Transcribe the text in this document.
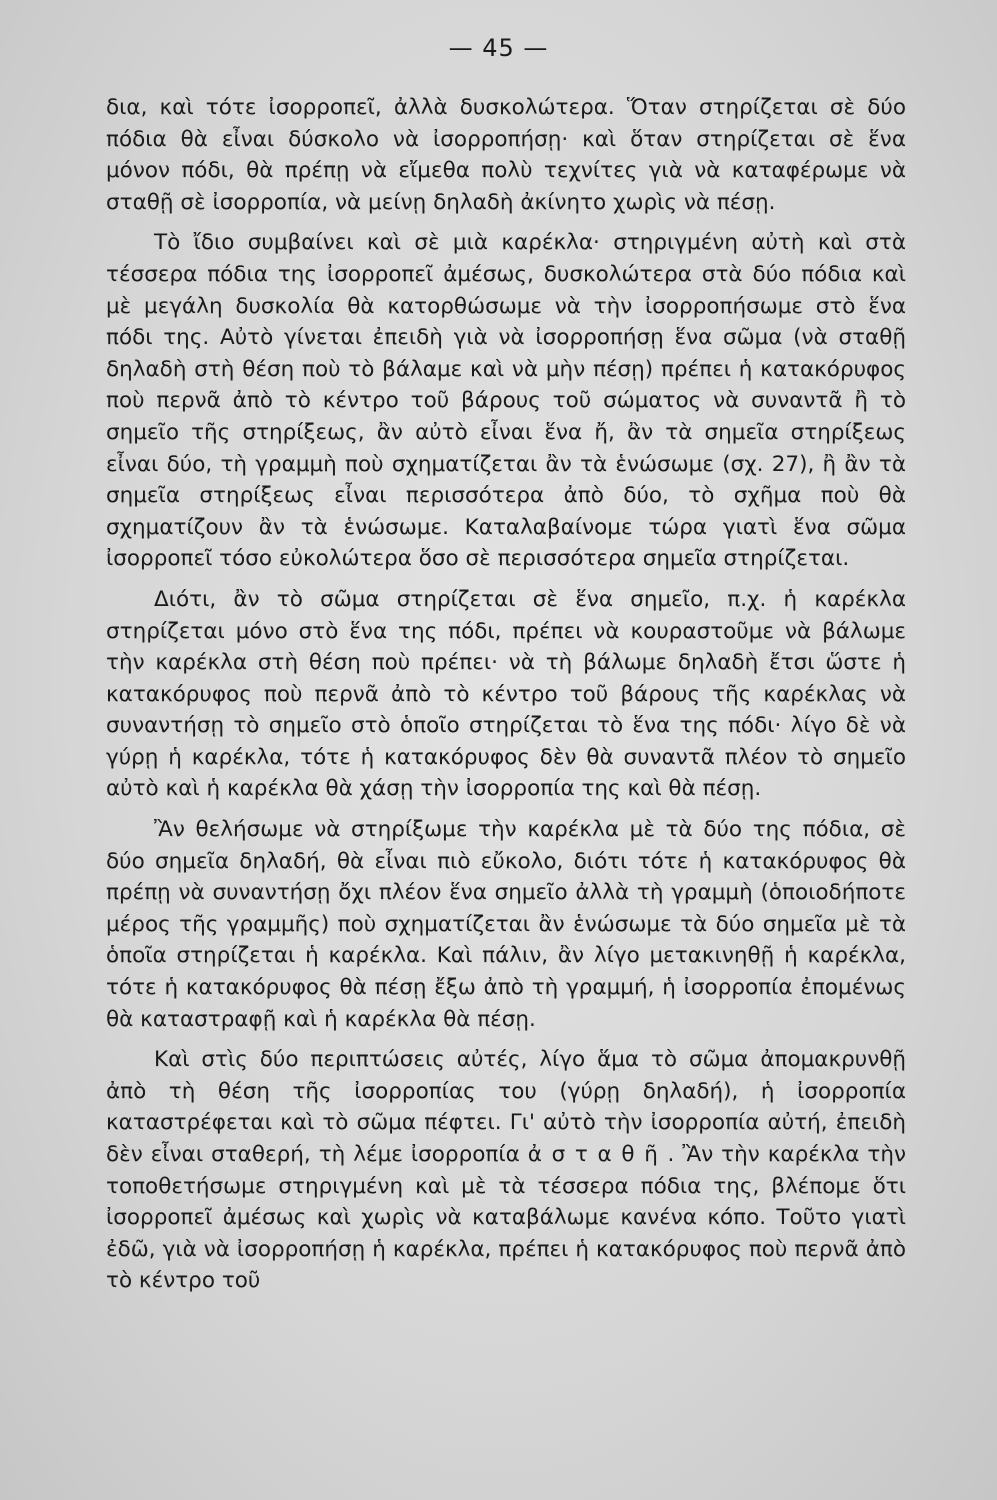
— 45 —

δια, καὶ τότε ἰσορροπεῖ, ἀλλὰ δυσκολώτερα. Ὅταν στηρίζεται σὲ δύο πόδια θὰ εἶναι δύσκολο νὰ ἰσορροπήσῃ· καὶ ὅταν στηρίζεται σὲ ἕνα μόνον πόδι, θὰ πρέπῃ νὰ εἴμεθα πολὺ τεχνίτες γιὰ νὰ καταφέρωμε νὰ σταθῇ σὲ ἰσορροπία, νὰ μείνῃ δηλαδὴ ἀκίνητο χωρὶς νὰ πέσῃ.

Τὸ ἴδιο συμβαίνει καὶ σὲ μιὰ καρέκλα· στηριγμένη αὐτὴ καὶ στὰ τέσσερα πόδια της ἰσορροπεῖ ἀμέσως, δυσκολώτερα στὰ δύο πόδια καὶ μὲ μεγάλη δυσκολία θὰ κατορθώσωμε νὰ τὴν ἰσορροπήσωμε στὸ ἕνα πόδι της. Αὐτὸ γίνεται ἐπειδὴ γιὰ νὰ ἰσορροπήσῃ ἕνα σῶμα (νὰ σταθῇ δηλαδὴ στὴ θέση ποὺ τὸ βάλαμε καὶ νὰ μὴν πέσῃ) πρέπει ἡ κατακόρυφος ποὺ περνᾶ ἀπὸ τὸ κέντρο τοῦ βάρους τοῦ σώματος νὰ συναντᾶ ἢ τὸ σημεῖο τῆς στηρίξεως, ἂν αὐτὸ εἶναι ἕνα ἤ, ἂν τὰ σημεῖα στηρίξεως εἶναι δύο, τὴ γραμμὴ ποὺ σχηματίζεται ἂν τὰ ἑνώσωμε (σχ. 27), ἢ ἂν τὰ σημεῖα στηρίξεως εἶναι περισσότερα ἀπὸ δύο, τὸ σχῆμα ποὺ θὰ σχηματίζουν ἂν τὰ ἑνώσωμε. Καταλαβαίνομε τώρα γιατὶ ἕνα σῶμα ἰσορροπεῖ τόσο εὐκολώτερα ὅσο σὲ περισσότερα σημεῖα στηρίζεται.

Διότι, ἂν τὸ σῶμα στηρίζεται σὲ ἕνα σημεῖο, π.χ. ἡ καρέκλα στηρίζεται μόνο στὸ ἕνα της πόδι, πρέπει νὰ κουραστοῦμε νὰ βάλωμε τὴν καρέκλα στὴ θέση ποὺ πρέπει· νὰ τὴ βάλωμε δηλαδὴ ἔτσι ὥστε ἡ κατακόρυφος ποὺ περνᾶ ἀπὸ τὸ κέντρο τοῦ βάρους τῆς καρέκλας νὰ συναντήσῃ τὸ σημεῖο στὸ ὁποῖο στηρίζεται τὸ ἕνα της πόδι· λίγο δὲ νὰ γύρῃ ἡ καρέκλα, τότε ἡ κατακόρυφος δὲν θὰ συναντᾶ πλέον τὸ σημεῖο αὐτὸ καὶ ἡ καρέκλα θὰ χάσῃ τὴν ἰσορροπία της καὶ θὰ πέσῃ.

Ἂν θελήσωμε νὰ στηρίξωμε τὴν καρέκλα μὲ τὰ δύο της πόδια, σὲ δύο σημεῖα δηλαδή, θὰ εἶναι πιὸ εὔκολο, διότι τότε ἡ κατακόρυφος θὰ πρέπῃ νὰ συναντήσῃ ὄχι πλέον ἕνα σημεῖο ἀλλὰ τὴ γραμμὴ (ὁποιοδήποτε μέρος τῆς γραμμῆς) ποὺ σχηματίζεται ἂν ἑνώσωμε τὰ δύο σημεῖα μὲ τὰ ὁποῖα στηρίζεται ἡ καρέκλα. Καὶ πάλιν, ἂν λίγο μετακινηθῇ ἡ καρέκλα, τότε ἡ κατακόρυφος θὰ πέσῃ ἔξω ἀπὸ τὴ γραμμή, ἡ ἰσορροπία ἐπομένως θὰ καταστραφῇ καὶ ἡ καρέκλα θὰ πέσῃ.

Καὶ στὶς δύο περιπτώσεις αὐτές, λίγο ἅμα τὸ σῶμα ἀπομακρυνθῇ ἀπὸ τὴ θέση τῆς ἰσορροπίας του (γύρῃ δηλαδή), ἡ ἰσορροπία καταστρέφεται καὶ τὸ σῶμα πέφτει. Γι' αὐτὸ τὴν ἰσορροπία αὐτή, ἐπειδὴ δὲν εἶναι σταθερή, τὴ λέμε ἰσορροπία ἀσταθῆ. Ἂν τὴν καρέκλα τὴν τοποθετήσωμε στηριγμένη καὶ μὲ τὰ τέσσερα πόδια της, βλέπομε ὅτι ἰσορροπεῖ ἀμέσως καὶ χωρὶς νὰ καταβάλωμε κανένα κόπο. Τοῦτο γιατὶ ἐδῶ, γιὰ νὰ ἰσορροπήσῃ ἡ καρέκλα, πρέπει ἡ κατακόρυφος ποὺ περνᾶ ἀπὸ τὸ κέντρο τοῦ
